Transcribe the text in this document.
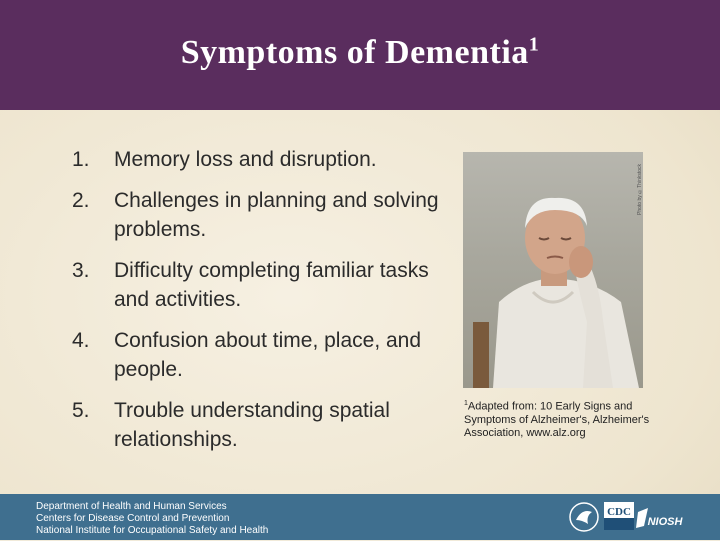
Symptoms of Dementia$^1$
1. Memory loss and disruption.
2. Challenges in planning and solving problems.
3. Difficulty completing familiar tasks and activities.
4. Confusion about time, place, and people.
5. Trouble understanding spatial relationships.
Photo by ©Thinkstock
$^1$Adapted from: 10 Early Signs and Symptoms of Alzheimer's, Alzheimer's Association, www.alz.org
Department of Health and Human Services
Centers for Disease Control and Prevention
National Institute for Occupational Safety and Health
CDC
NIOSH
